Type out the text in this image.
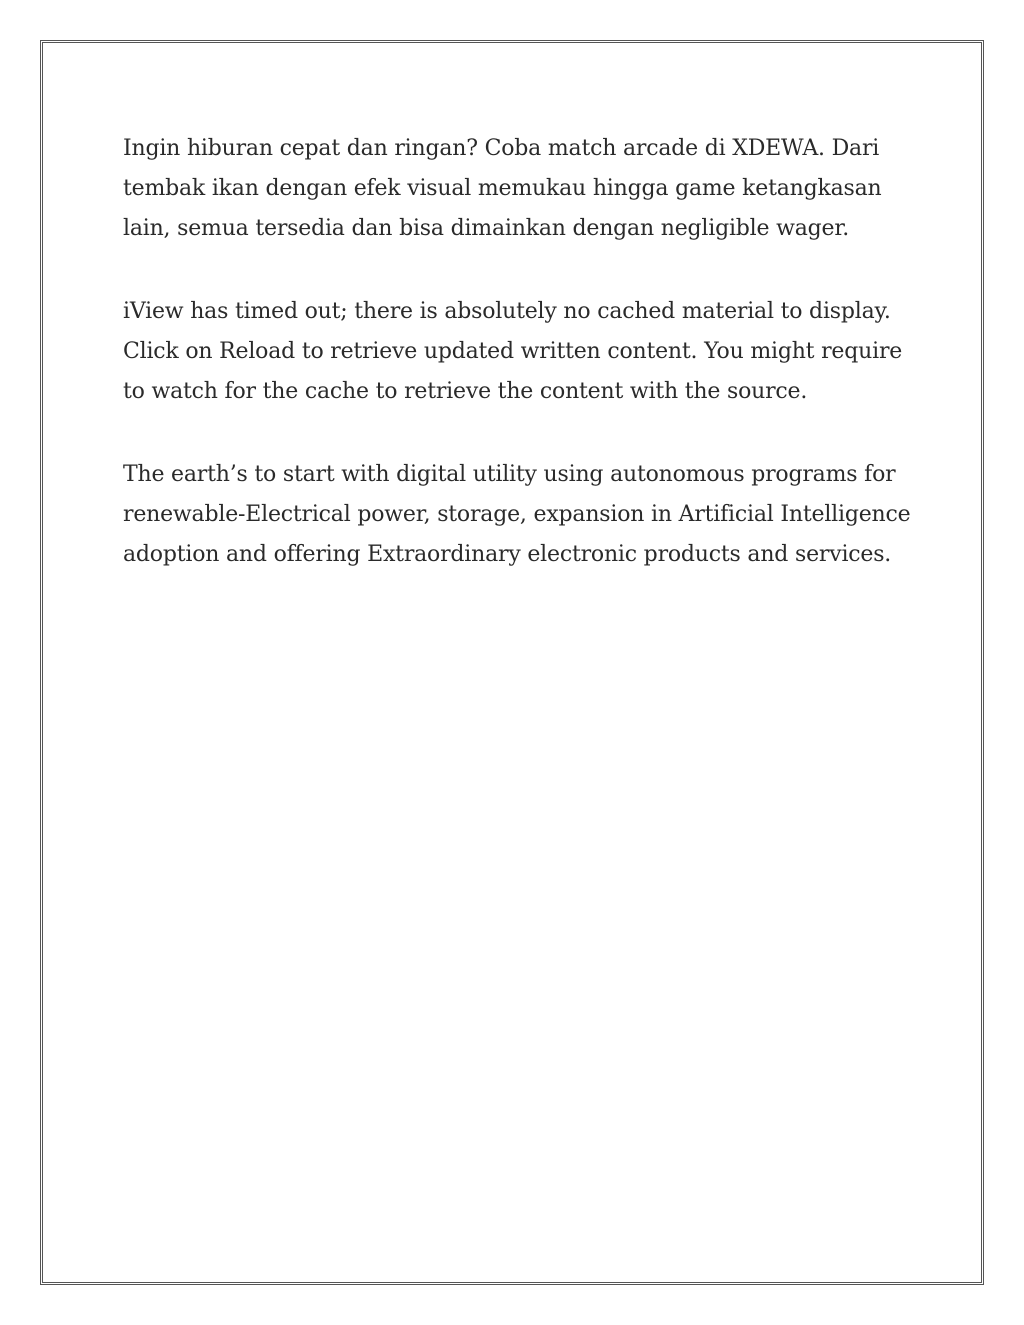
Ingin hiburan cepat dan ringan? Coba match arcade di XDEWA. Dari tembak ikan dengan efek visual memukau hingga game ketangkasan lain, semua tersedia dan bisa dimainkan dengan negligible wager.

iView has timed out; there is absolutely no cached material to display. Click on Reload to retrieve updated written content. You might require to watch for the cache to retrieve the content with the source.

The earth’s to start with digital utility using autonomous programs for renewable-Electrical power, storage, expansion in Artificial Intelligence adoption and offering Extraordinary electronic products and services.
